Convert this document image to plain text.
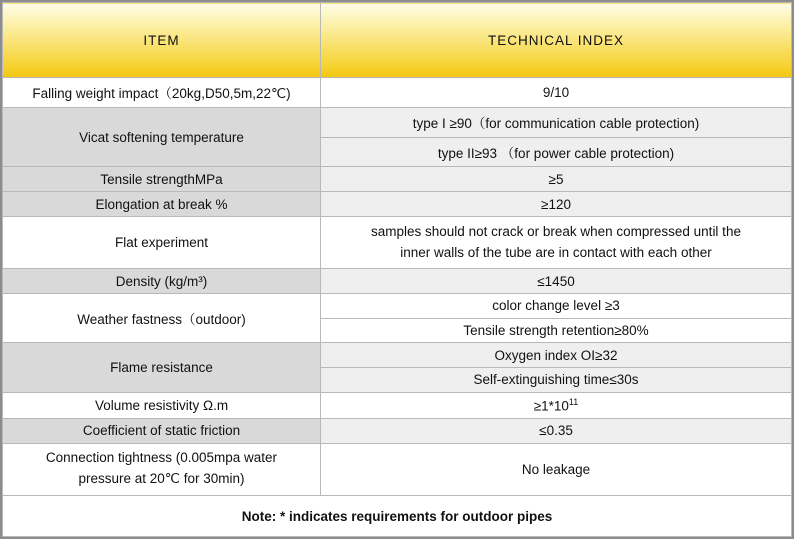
ITEM	TECHNICAL INDEX
Falling weight impact（20kg,D50,5m,22℃)	9/10
Vicat softening temperature	type I ≥90（for communication cable protection)
	type II≥93 （for power cable protection)
Tensile strengthMPa	≥5
Elongation at break %	≥120
Flat experiment	samples should not crack or break when compressed until the
inner walls of the tube are in contact with each other

Density (kg/m³)	≤1450
Weather fastness（outdoor)	color change level ≥3
	Tensile strength retention≥80%
Flame resistance	Oxygen index OI≥32
	Self-extinguishing time≤30s
Volume resistivity Ω.m	$\ge 1*10^{11}$
Coefficient of static friction	≤0.35

Connection tightness (0.005mpa water
pressure at 20℃ for 30min)	No leakage
Note: * indicates requirements for outdoor pipes	
